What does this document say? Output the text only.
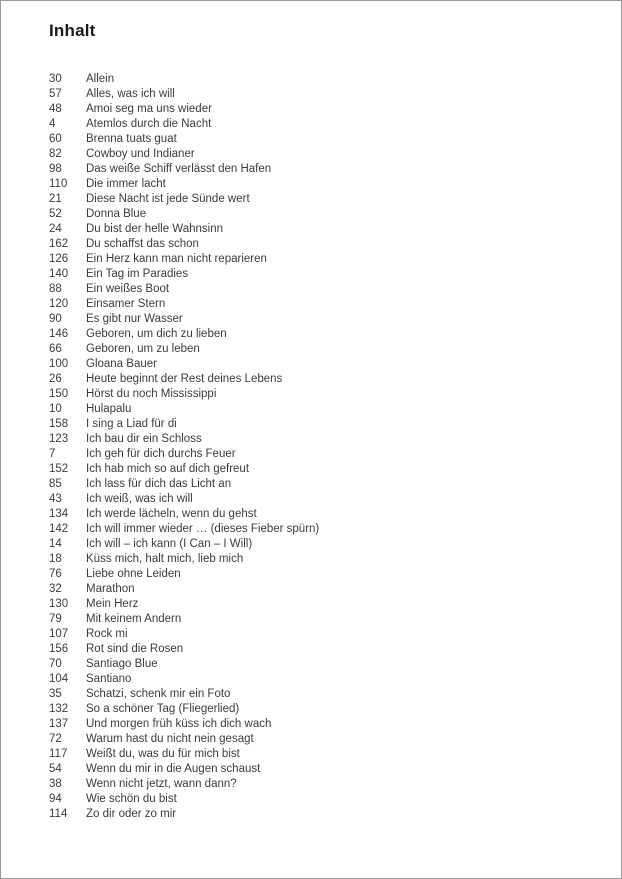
Inhalt
30	Allein
57	Alles, was ich will
48	Amoi seg ma uns wieder
4	Atemlos durch die Nacht
60	Brenna tuats guat
82	Cowboy und Indianer
98	Das weiße Schiff verlässt den Hafen
110	Die immer lacht
21	Diese Nacht ist jede Sünde wert
52	Donna Blue
24	Du bist der helle Wahnsinn
162	Du schaffst das schon
126	Ein Herz kann man nicht reparieren
140	Ein Tag im Paradies
88	Ein weißes Boot
120	Einsamer Stern
90	Es gibt nur Wasser
146	Geboren, um dich zu lieben
66	Geboren, um zu leben
100	Gloana Bauer
26	Heute beginnt der Rest deines Lebens
150	Hörst du noch Mississippi
10	Hulapalu
158	I sing a Liad für di
123	Ich bau dir ein Schloss
7	Ich geh für dich durchs Feuer
152	Ich hab mich so auf dich gefreut
85	Ich lass für dich das Licht an
43	Ich weiß, was ich will
134	Ich werde lächeln, wenn du gehst
142	Ich will immer wieder … (dieses Fieber spürn)
14	Ich will – ich kann (I Can – I Will)
18	Küss mich, halt mich, lieb mich
76	Liebe ohne Leiden
32	Marathon
130	Mein Herz
79	Mit keinem Andern
107	Rock mi
156	Rot sind die Rosen
70	Santiago Blue
104	Santiano
35	Schatzi, schenk mir ein Foto
132	So a schöner Tag (Fliegerlied)
137	Und morgen früh küss ich dich wach
72	Warum hast du nicht nein gesagt
117	Weißt du, was du für mich bist
54	Wenn du mir in die Augen schaust
38	Wenn nicht jetzt, wann dann?
94	Wie schön du bist
114	Zo dir oder zo mir
